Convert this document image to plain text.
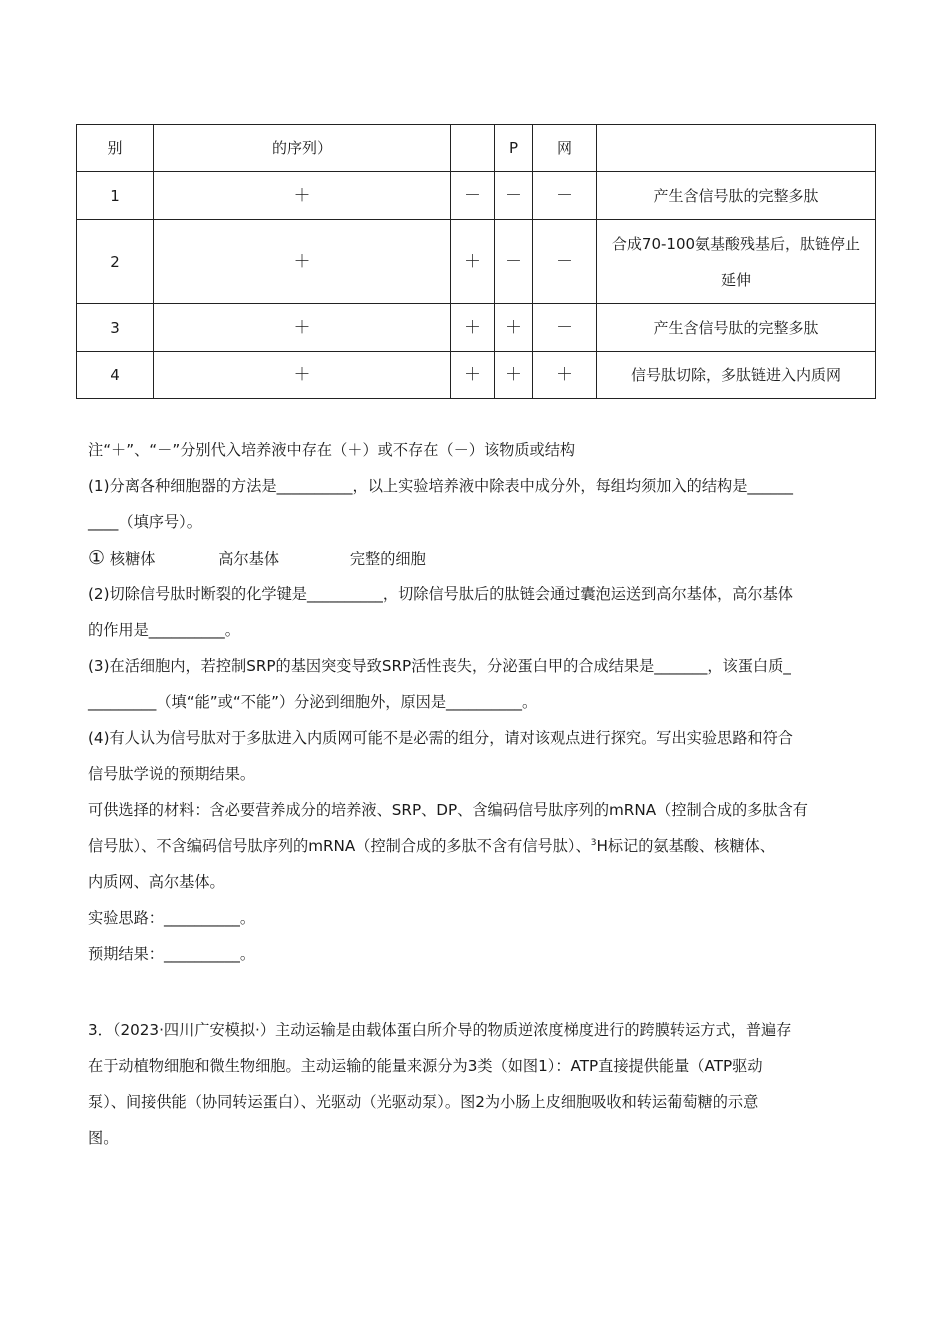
别	的序列）		P	网	
1	＋	－	－	－	产生含信号肽的完整多肽
2	＋	＋	－	－	合成70-100氨基酸残基后，肽链停止延伸
3	＋	＋	＋	－	产生含信号肽的完整多肽
4	＋	＋	＋	＋	信号肽切除，多肽链进入内质网
注“＋”、“－”分别代入培养液中存在（＋）或不存在（－）该物质或结构
(1)分离各种细胞器的方法是__________，以上实验培养液中除表中成分外，每组均须加入的结构是______
____（填序号）。
① 核糖体	高尔基体	完整的细胞
(2)切除信号肽时断裂的化学键是__________，切除信号肽后的肽链会通过囊泡运送到高尔基体，高尔基体
的作用是__________。
(3)在活细胞内，若控制SRP的基因突变导致SRP活性丧失，分泌蛋白甲的合成结果是_______，该蛋白质_
_________（填“能”或“不能”）分泌到细胞外，原因是__________。
(4)有人认为信号肽对于多肽进入内质网可能不是必需的组分，请对该观点进行探究。写出实验思路和符合
信号肽学说的预期结果。
可供选择的材料：含必要营养成分的培养液、SRP、DP、含编码信号肽序列的mRNA（控制合成的多肽含有
信号肽）、不含编码信号肽序列的mRNA（控制合成的多肽不含有信号肽）、$^3$H标记的氨基酸、核糖体、
内质网、高尔基体。
实验思路：__________。
预期结果：__________。
3．（2023·四川广安模拟·）主动运输是由载体蛋白所介导的物质逆浓度梯度进行的跨膜转运方式，普遍存
在于动植物细胞和微生物细胞。主动运输的能量来源分为3类（如图1）：ATP直接提供能量（ATP驱动
泵）、间接供能（协同转运蛋白）、光驱动（光驱动泵）。图2为小肠上皮细胞吸收和转运葡萄糖的示意
图。
